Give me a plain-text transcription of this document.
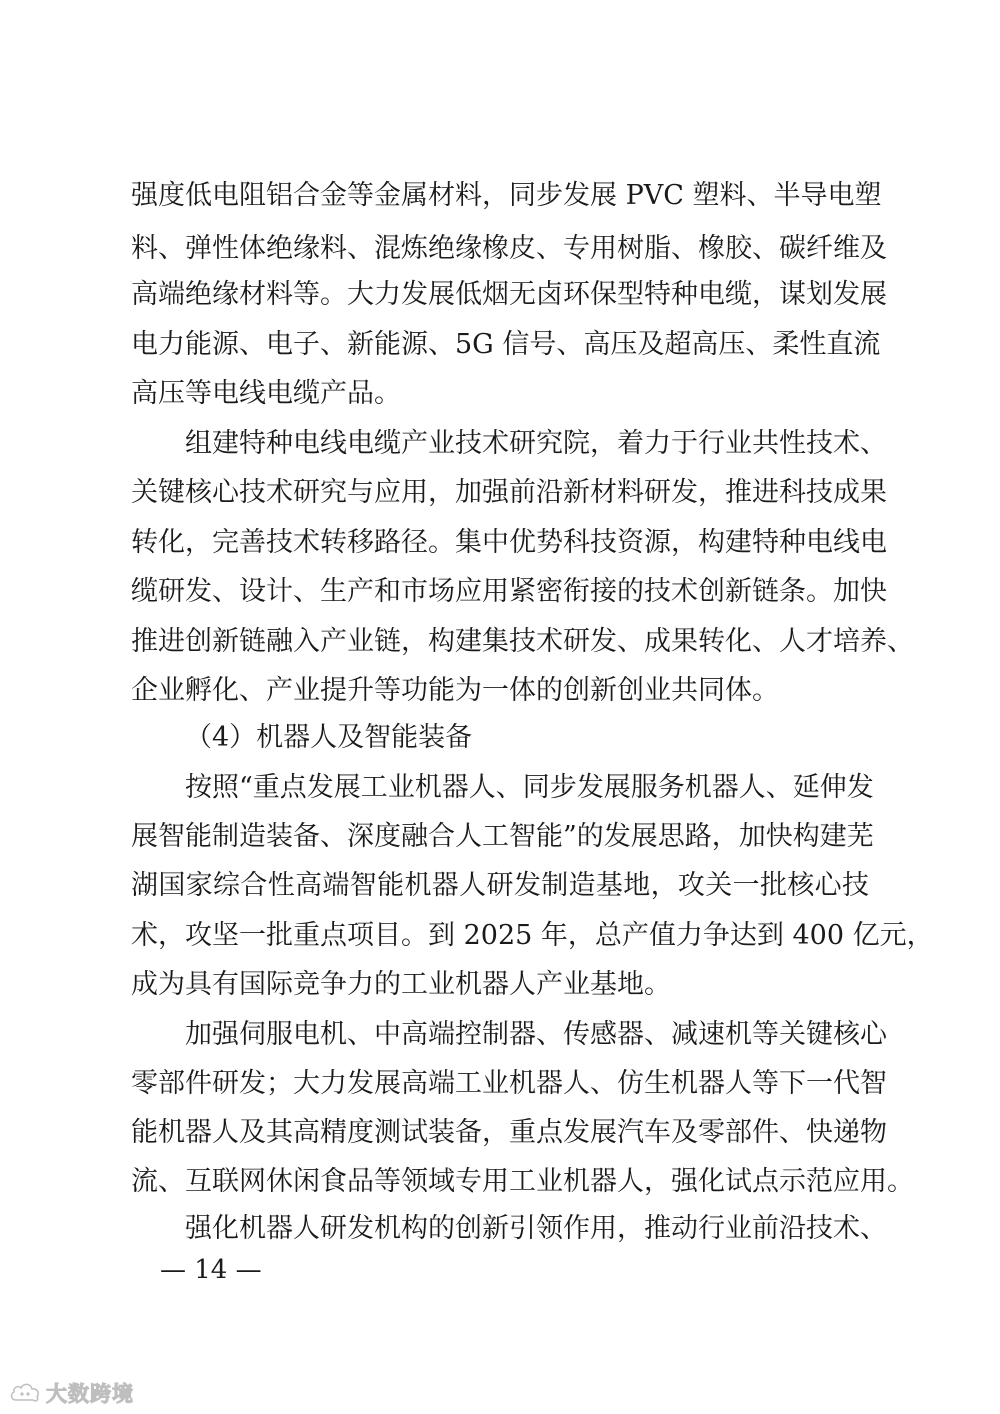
强度低电阻铝合金等金属材料，同步发展 PVC 塑料、半导电塑
料、弹性体绝缘料、混炼绝缘橡皮、专用树脂、橡胶、碳纤维及
高端绝缘材料等。大力发展低烟无卤环保型特种电缆，谋划发展
电力能源、电子、新能源、5G 信号、高压及超高压、柔性直流
高压等电线电缆产品。
组建特种电线电缆产业技术研究院，着力于行业共性技术、
关键核心技术研究与应用，加强前沿新材料研发，推进科技成果
转化，完善技术转移路径。集中优势科技资源，构建特种电线电
缆研发、设计、生产和市场应用紧密衔接的技术创新链条。加快
推进创新链融入产业链，构建集技术研发、成果转化、人才培养、
企业孵化、产业提升等功能为一体的创新创业共同体。
（4）机器人及智能装备
按照“重点发展工业机器人、同步发展服务机器人、延伸发
展智能制造装备、深度融合人工智能”的发展思路，加快构建芜
湖国家综合性高端智能机器人研发制造基地，攻关一批核心技
术，攻坚一批重点项目。到 2025 年，总产值力争达到 400 亿元，
成为具有国际竞争力的工业机器人产业基地。
加强伺服电机、中高端控制器、传感器、减速机等关键核心
零部件研发；大力发展高端工业机器人、仿生机器人等下一代智
能机器人及其高精度测试装备，重点发展汽车及零部件、快递物
流、互联网休闲食品等领域专用工业机器人，强化试点示范应用。
强化机器人研发机构的创新引领作用，推动行业前沿技术、
— 14 —
大数跨境
